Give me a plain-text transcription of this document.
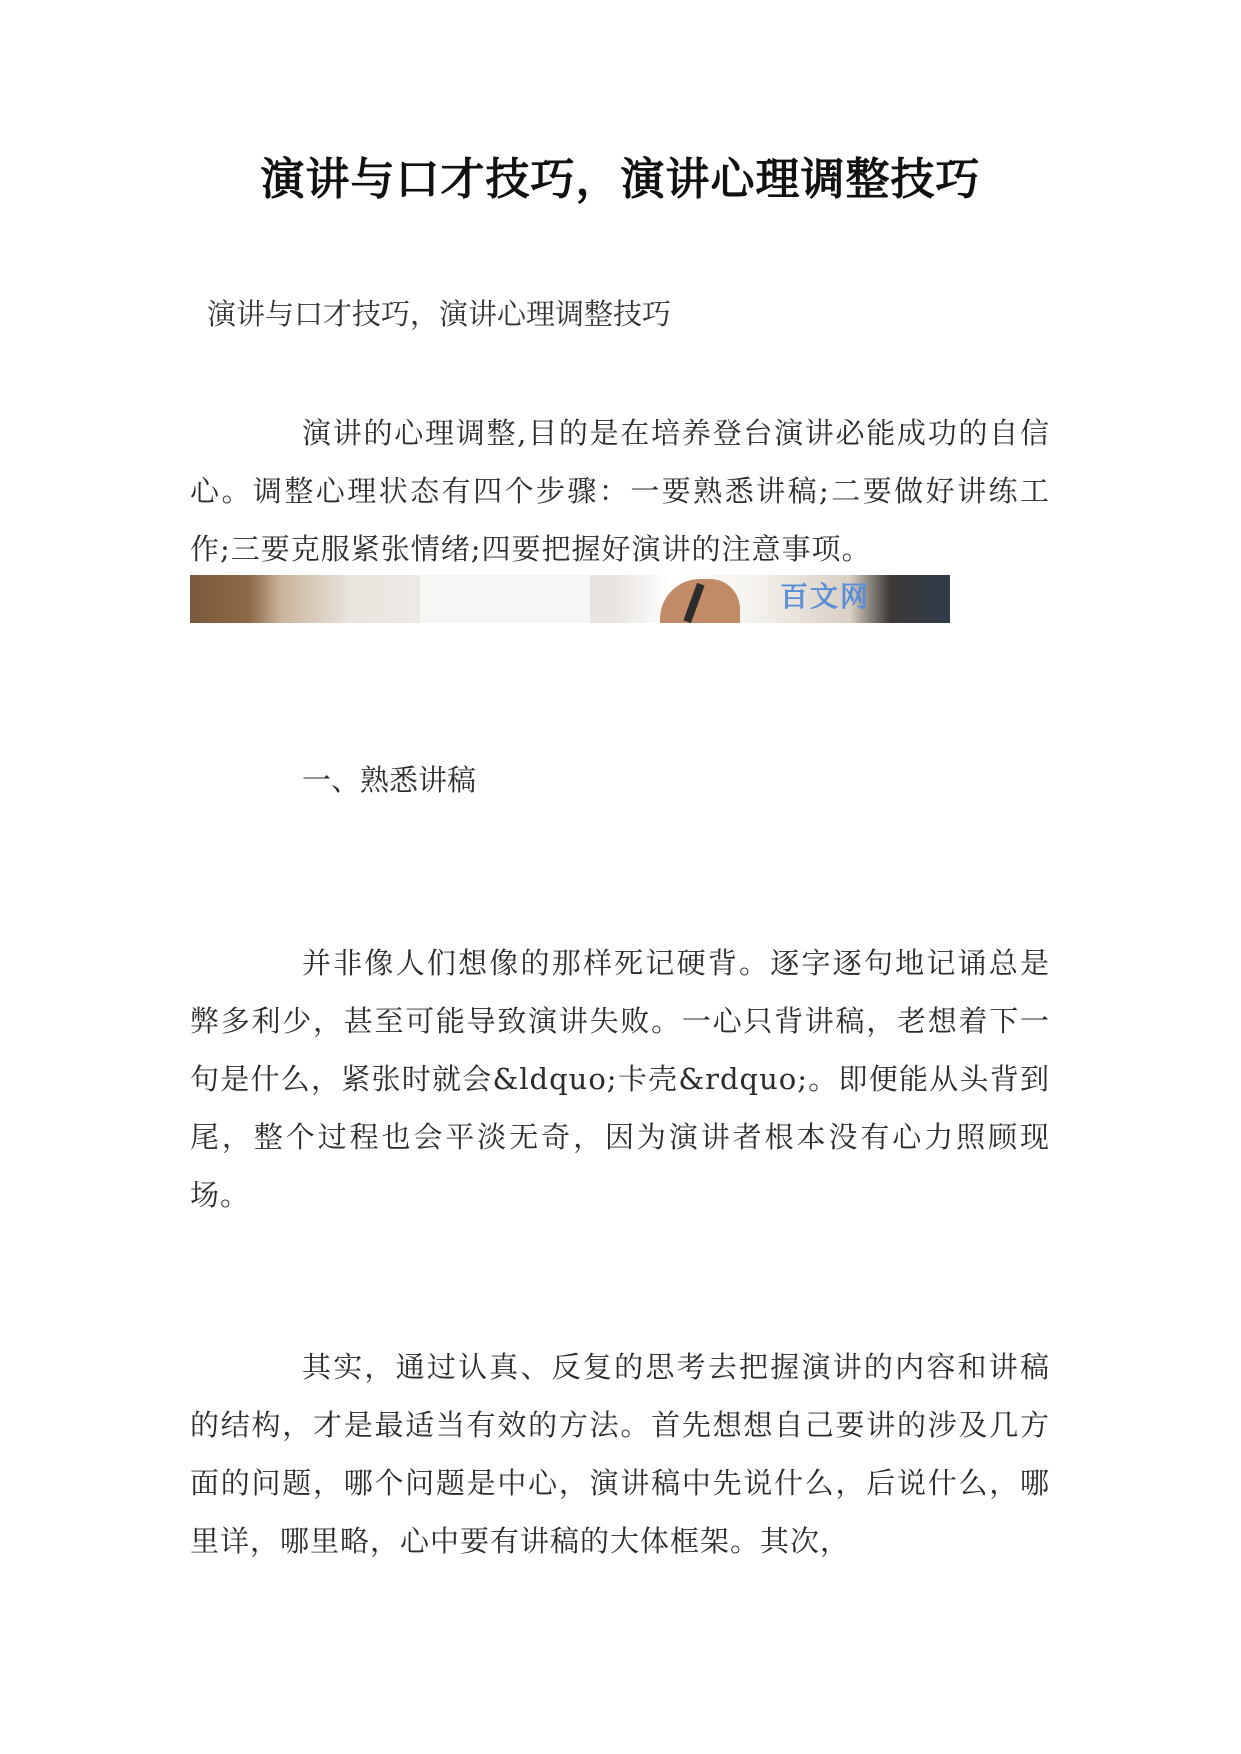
演讲与口才技巧，演讲心理调整技巧
演讲与口才技巧，演讲心理调整技巧

演讲的心理调整,目的是在培养登台演讲必能成功的自信心。调整心理状态有四个步骤：一要熟悉讲稿;二要做好讲练工作;三要克服紧张情绪;四要把握好演讲的注意事项。

百文网
一、熟悉讲稿

并非像人们想像的那样死记硬背。逐字逐句地记诵总是弊多利少，甚至可能导致演讲失败。一心只背讲稿，老想着下一句是什么，紧张时就会&ldquo;卡壳&rdquo;。即便能从头背到尾，整个过程也会平淡无奇，因为演讲者根本没有心力照顾现场。

其实，通过认真、反复的思考去把握演讲的内容和讲稿的结构，才是最适当有效的方法。首先想想自己要讲的涉及几方面的问题，哪个问题是中心，演讲稿中先说什么，后说什么，哪里详，哪里略，心中要有讲稿的大体框架。其次，
